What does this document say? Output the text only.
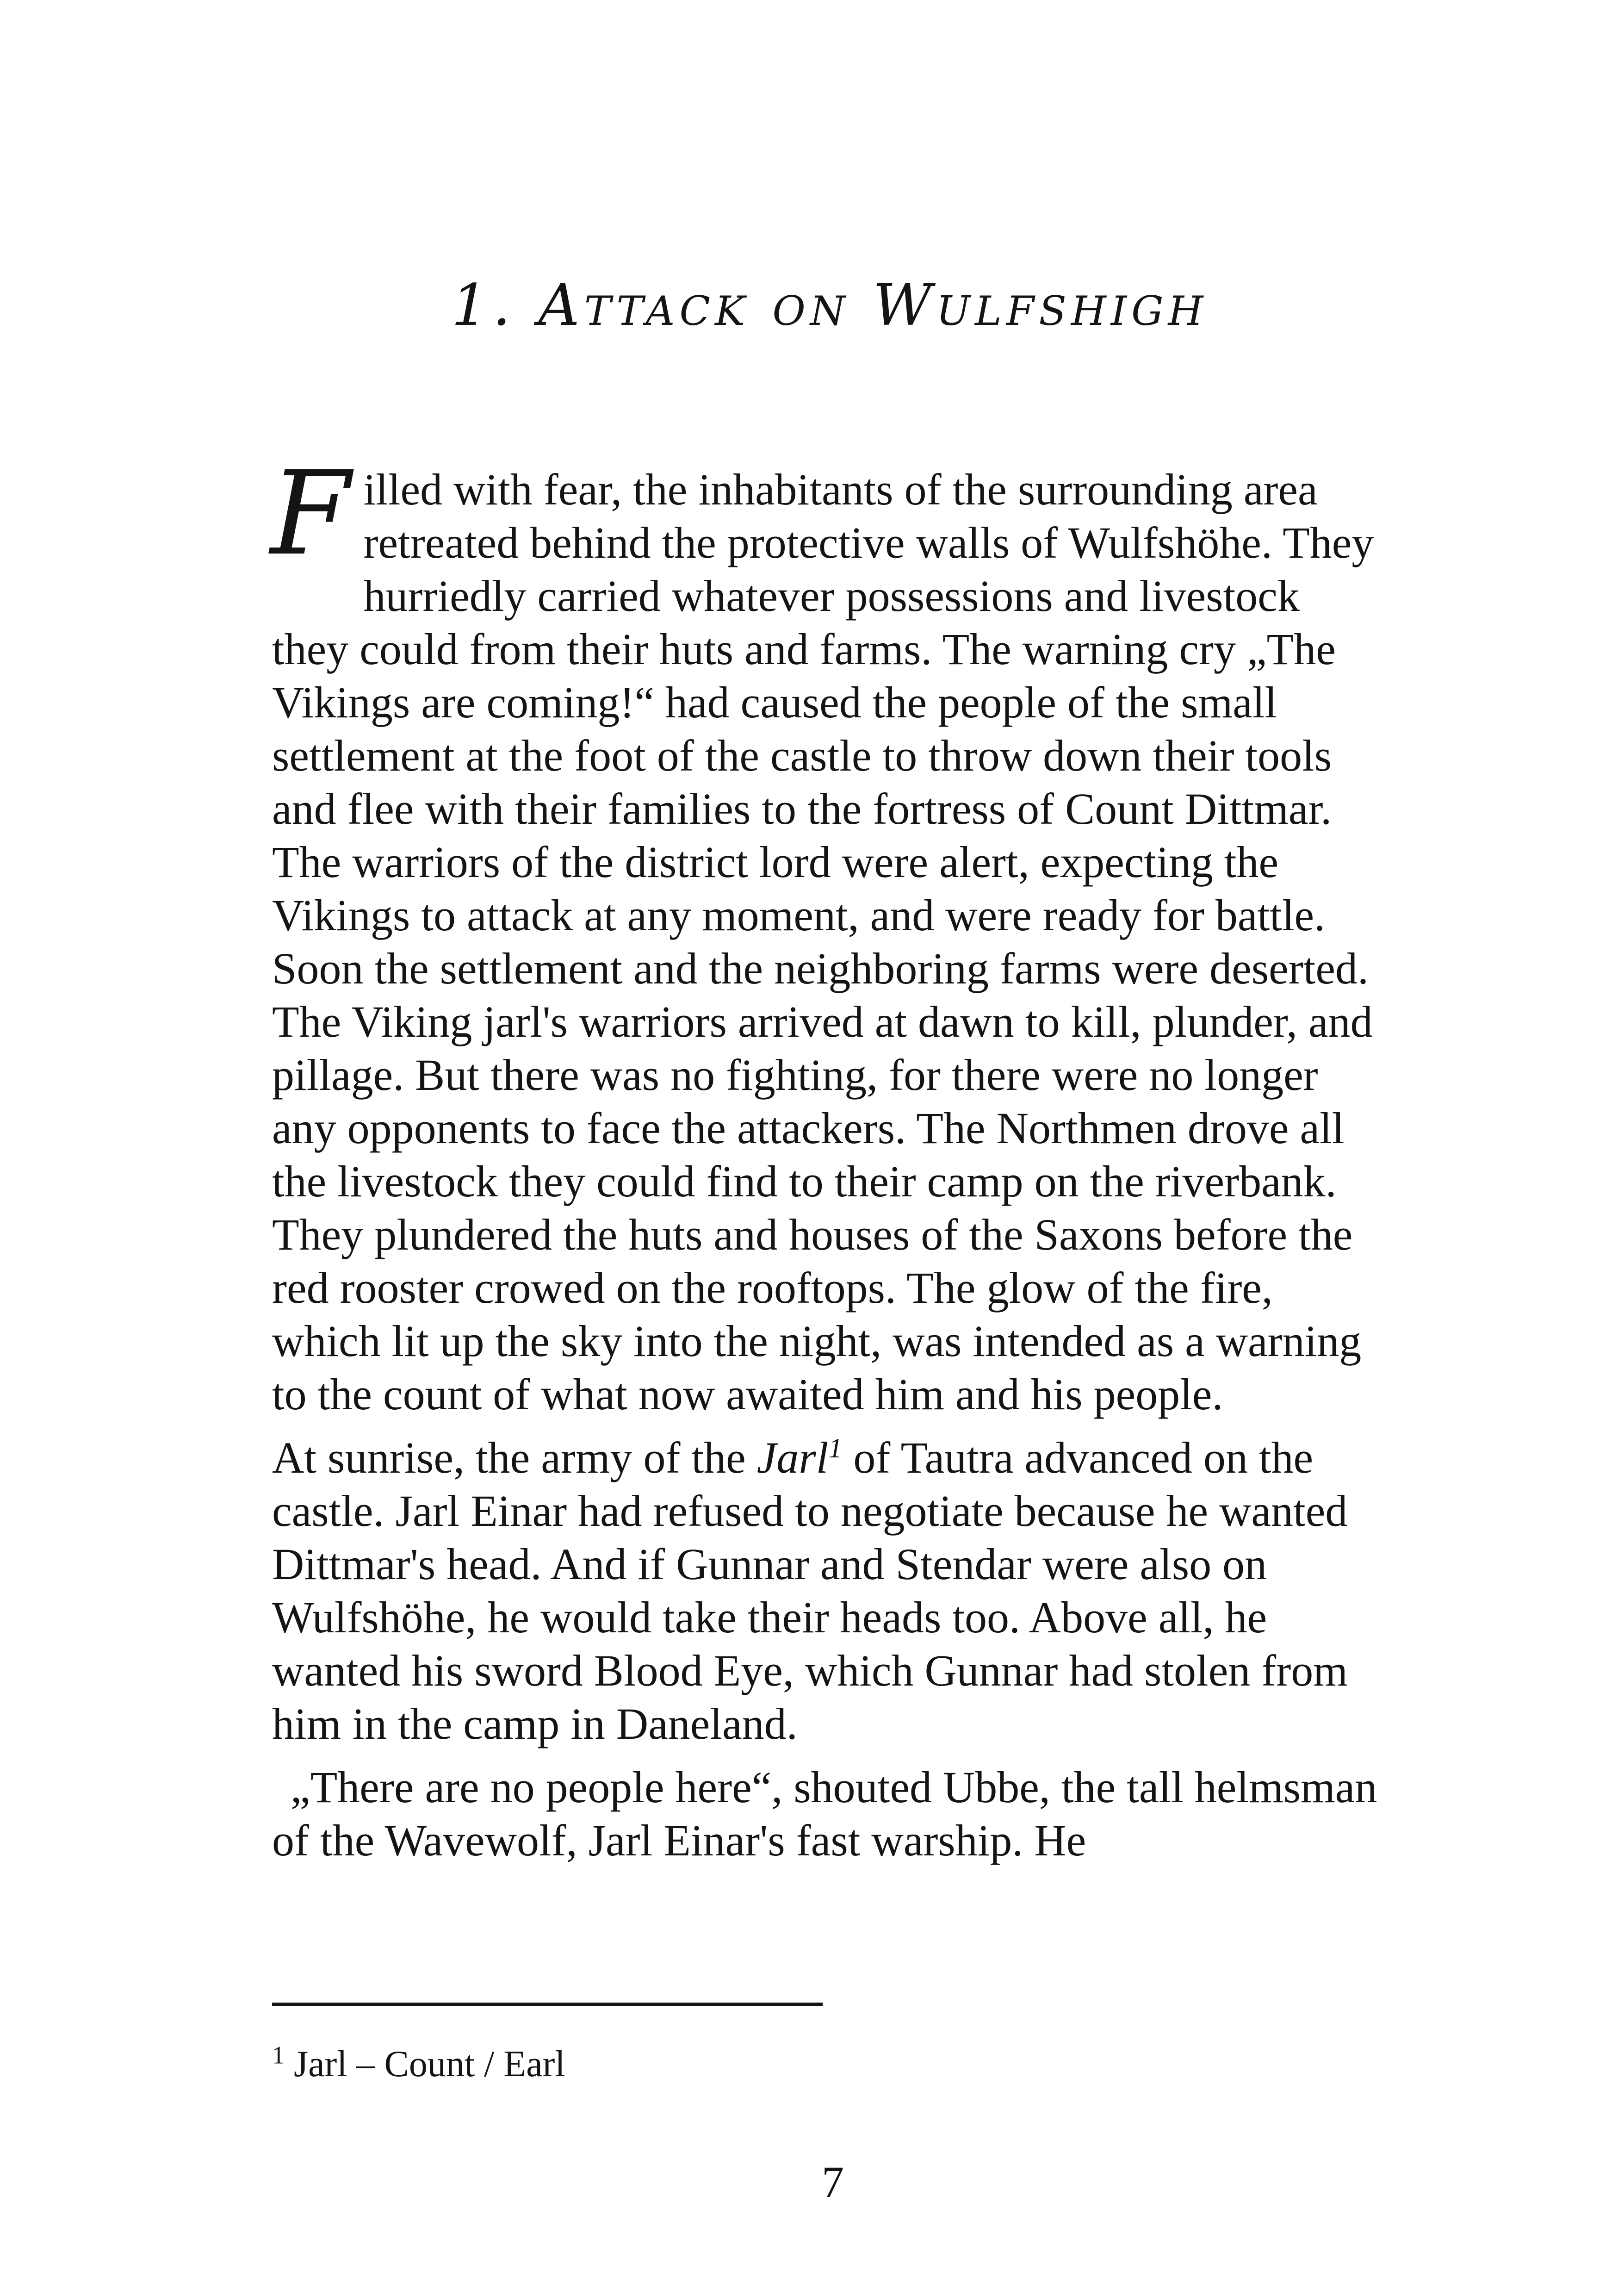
1. Attack on Wulfshigh

Filled with fear, the inhabitants of the surrounding area retreated behind the protective walls of Wulfshöhe. They hurriedly carried whatever possessions and livestock they could from their huts and farms. The warning cry „The Vikings are coming!“ had caused the people of the small settlement at the foot of the castle to throw down their tools and flee with their families to the fortress of Count Dittmar. The warriors of the district lord were alert, expecting the Vikings to attack at any moment, and were ready for battle. Soon the settlement and the neighboring farms were deserted. The Viking jarl's warriors arrived at dawn to kill, plunder, and pillage. But there was no fighting, for there were no longer any opponents to face the attackers. The Northmen drove all the livestock they could find to their camp on the riverbank. They plundered the huts and houses of the Saxons before the red rooster crowed on the rooftops. The glow of the fire, which lit up the sky into the night, was intended as a warning to the count of what now awaited him and his people.

At sunrise, the army of the Jarl$^1$ of Tautra advanced on the castle. Jarl Einar had refused to negotiate because he wanted Dittmar's head. And if Gunnar and Stendar were also on Wulfshöhe, he would take their heads too. Above all, he wanted his sword Blood Eye, which Gunnar had stolen from him in the camp in Daneland.

„There are no people here“, shouted Ubbe, the tall helmsman of the Wavewolf, Jarl Einar's fast warship. He

$^1$ Jarl – Count / Earl
7
